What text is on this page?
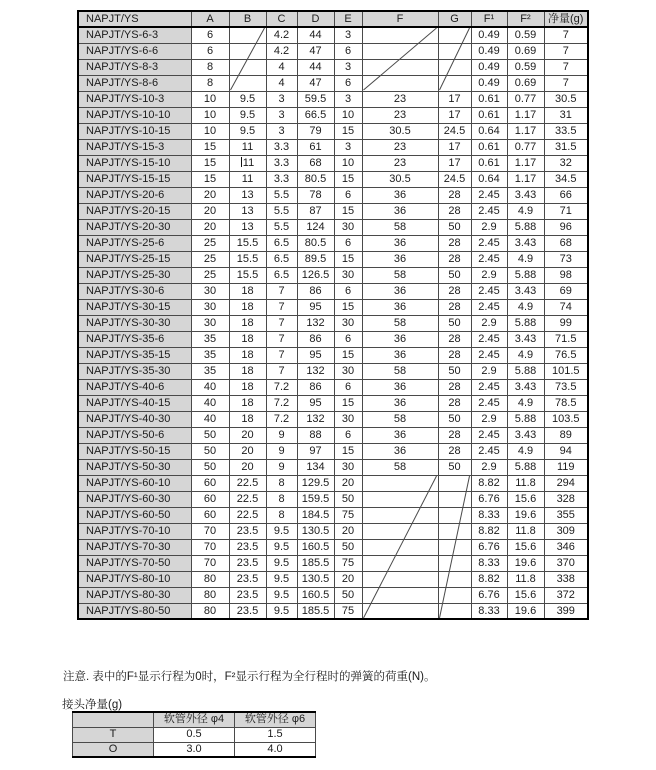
NAPJT/YS	A	B	C	D	E	F	G	F¹	F²	净量(g)
NAPJT/YS-6-3	6		4.2	44	3			0.49	0.59	7
NAPJT/YS-6-6	6		4.2	47	6			0.49	0.69	7
NAPJT/YS-8-3	8		4	44	3			0.49	0.59	7
NAPJT/YS-8-6	8		4	47	6			0.49	0.69	7
NAPJT/YS-10-3	10	9.5	3	59.5	3	23	17	0.61	0.77	30.5
NAPJT/YS-10-10	10	9.5	3	66.5	10	23	17	0.61	1.17	31
NAPJT/YS-10-15	10	9.5	3	79	15	30.5	24.5	0.64	1.17	33.5
NAPJT/YS-15-3	15	11	3.3	61	3	23	17	0.61	0.77	31.5
NAPJT/YS-15-10	15	11	3.3	68	10	23	17	0.61	1.17	32
NAPJT/YS-15-15	15	11	3.3	80.5	15	30.5	24.5	0.64	1.17	34.5
NAPJT/YS-20-6	20	13	5.5	78	6	36	28	2.45	3.43	66
NAPJT/YS-20-15	20	13	5.5	87	15	36	28	2.45	4.9	71
NAPJT/YS-20-30	20	13	5.5	124	30	58	50	2.9	5.88	96
NAPJT/YS-25-6	25	15.5	6.5	80.5	6	36	28	2.45	3.43	68
NAPJT/YS-25-15	25	15.5	6.5	89.5	15	36	28	2.45	4.9	73
NAPJT/YS-25-30	25	15.5	6.5	126.5	30	58	50	2.9	5.88	98
NAPJT/YS-30-6	30	18	7	86	6	36	28	2.45	3.43	69
NAPJT/YS-30-15	30	18	7	95	15	36	28	2.45	4.9	74
NAPJT/YS-30-30	30	18	7	132	30	58	50	2.9	5.88	99
NAPJT/YS-35-6	35	18	7	86	6	36	28	2.45	3.43	71.5
NAPJT/YS-35-15	35	18	7	95	15	36	28	2.45	4.9	76.5
NAPJT/YS-35-30	35	18	7	132	30	58	50	2.9	5.88	101.5
NAPJT/YS-40-6	40	18	7.2	86	6	36	28	2.45	3.43	73.5
NAPJT/YS-40-15	40	18	7.2	95	15	36	28	2.45	4.9	78.5
NAPJT/YS-40-30	40	18	7.2	132	30	58	50	2.9	5.88	103.5
NAPJT/YS-50-6	50	20	9	88	6	36	28	2.45	3.43	89
NAPJT/YS-50-15	50	20	9	97	15	36	28	2.45	4.9	94
NAPJT/YS-50-30	50	20	9	134	30	58	50	2.9	5.88	119
NAPJT/YS-60-10	60	22.5	8	129.5	20			8.82	11.8	294
NAPJT/YS-60-30	60	22.5	8	159.5	50			6.76	15.6	328
NAPJT/YS-60-50	60	22.5	8	184.5	75			8.33	19.6	355
NAPJT/YS-70-10	70	23.5	9.5	130.5	20			8.82	11.8	309
NAPJT/YS-70-30	70	23.5	9.5	160.5	50			6.76	15.6	346
NAPJT/YS-70-50	70	23.5	9.5	185.5	75			8.33	19.6	370
NAPJT/YS-80-10	80	23.5	9.5	130.5	20			8.82	11.8	338
NAPJT/YS-80-30	80	23.5	9.5	160.5	50			6.76	15.6	372
NAPJT/YS-80-50	80	23.5	9.5	185.5	75			8.33	19.6	399

注意. 表中的F¹显示行程为0时，F²显示行程为全行程时的弹簧的荷重(N)。

接头净量(g)

	软管外径 φ4	软管外径 φ6
T	0.5	1.5
O	3.0	4.0
